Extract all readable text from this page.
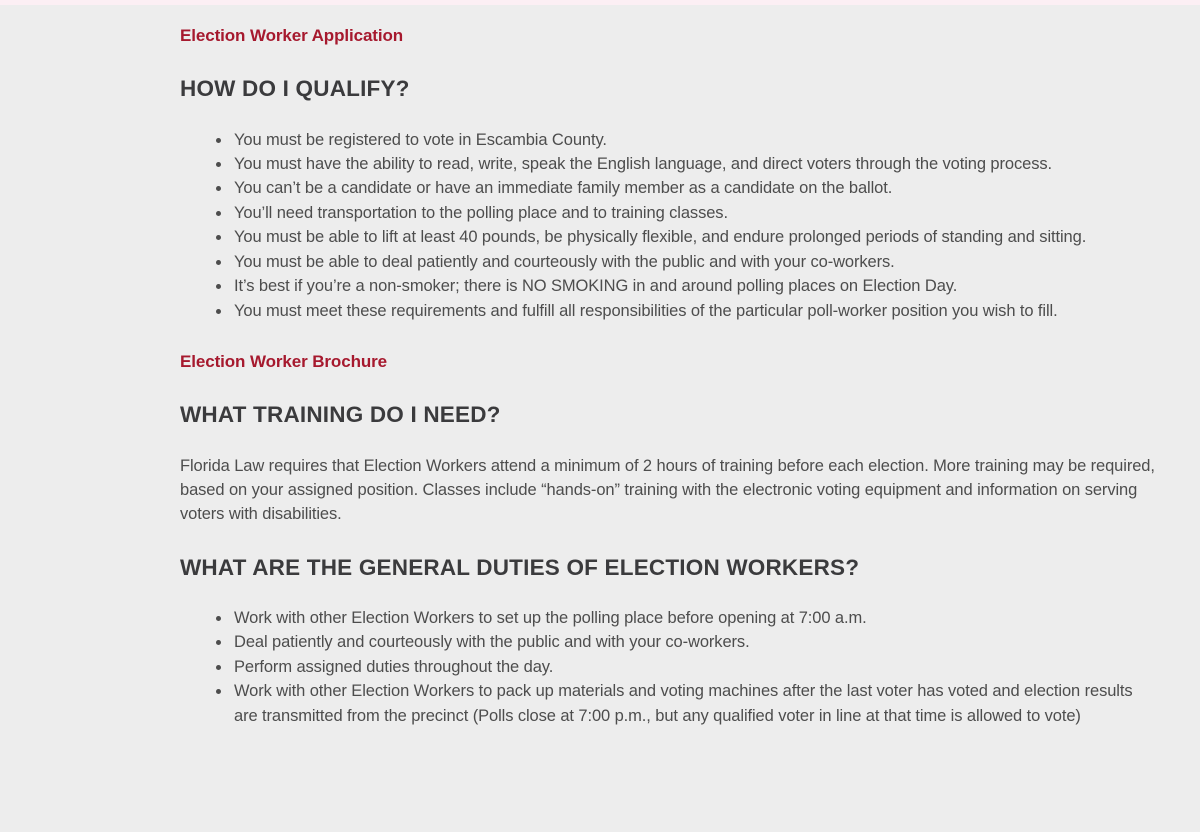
Election Worker Application

HOW DO I QUALIFY?
• You must be registered to vote in Escambia County.
• You must have the ability to read, write, speak the English language, and direct voters through the voting process.
• You can’t be a candidate or have an immediate family member as a candidate on the ballot.
• You’ll need transportation to the polling place and to training classes.
• You must be able to lift at least 40 pounds, be physically flexible, and endure prolonged periods of standing and sitting.
• You must be able to deal patiently and courteously with the public and with your co-workers.
• It’s best if you’re a non-smoker; there is NO SMOKING in and around polling places on Election Day.
• You must meet these requirements and fulfill all responsibilities of the particular poll-worker position you wish to fill.

Election Worker Brochure

WHAT TRAINING DO I NEED?

Florida Law requires that Election Workers attend a minimum of 2 hours of training before each election. More training may be required, based on your assigned position. Classes include “hands-on” training with the electronic voting equipment and information on serving voters with disabilities.

WHAT ARE THE GENERAL DUTIES OF ELECTION WORKERS?
• Work with other Election Workers to set up the polling place before opening at 7:00 a.m.
• Deal patiently and courteously with the public and with your co-workers.
• Perform assigned duties throughout the day.
• Work with other Election Workers to pack up materials and voting machines after the last voter has voted and election results are transmitted from the precinct (Polls close at 7:00 p.m., but any qualified voter in line at that time is allowed to vote)
